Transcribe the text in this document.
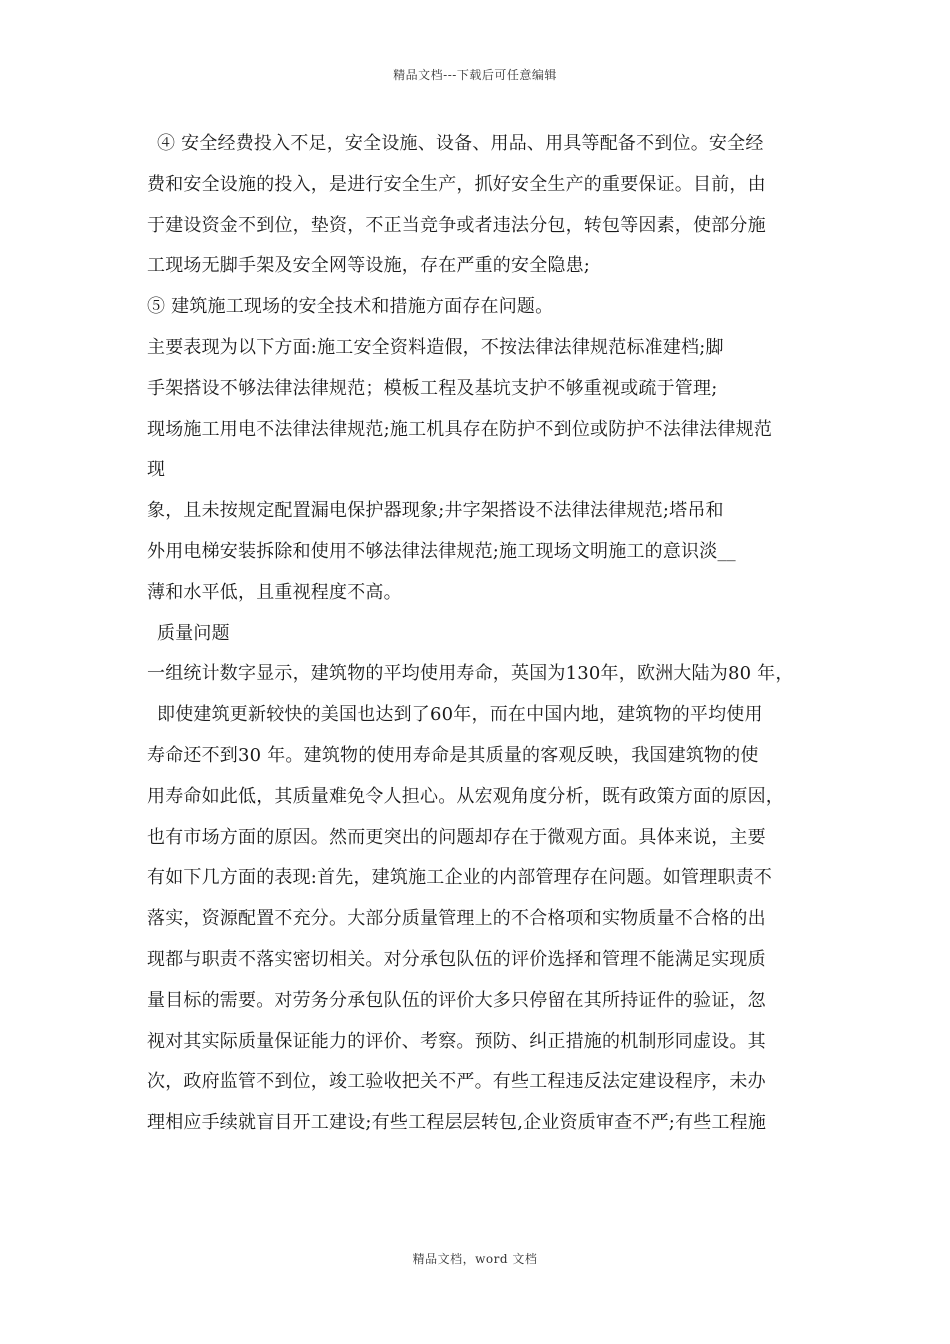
精品文档---下载后可任意编辑
④ 安全经费投入不足，安全设施、设备、用品、用具等配备不到位。安全经
费和安全设施的投入，是进行安全生产，抓好安全生产的重要保证。目前，由
于建设资金不到位，垫资，不正当竞争或者违法分包，转包等因素，使部分施
工现场无脚手架及安全网等设施，存在严重的安全隐患;
⑤ 建筑施工现场的安全技术和措施方面存在问题。
主要表现为以下方面:施工安全资料造假，不按法律法律规范标准建档;脚
手架搭设不够法律法律规范；模板工程及基坑支护不够重视或疏于管理;
现场施工用电不法律法律规范;施工机具存在防护不到位或防护不法律法律规范
现
象，且未按规定配置漏电保护器现象;井字架搭设不法律法律规范;塔吊和
外用电梯安装拆除和使用不够法律法律规范;施工现场文明施工的意识淡__
薄和水平低，且重视程度不高。
质量问题
一组统计数字显示，建筑物的平均使用寿命，英国为130年，欧洲大陆为80 年，
即使建筑更新较快的美国也达到了60年，而在中国内地，建筑物的平均使用
寿命还不到30 年。建筑物的使用寿命是其质量的客观反映，我国建筑物的使
用寿命如此低，其质量难免令人担心。从宏观角度分析，既有政策方面的原因，
也有市场方面的原因。然而更突出的问题却存在于微观方面。具体来说，主要
有如下几方面的表现:首先，建筑施工企业的内部管理存在问题。如管理职责不
落实，资源配置不充分。大部分质量管理上的不合格项和实物质量不合格的出
现都与职责不落实密切相关。对分承包队伍的评价选择和管理不能满足实现质
量目标的需要。对劳务分承包队伍的评价大多只停留在其所持证件的验证，忽
视对其实际质量保证能力的评价、考察。预防、纠正措施的机制形同虚设。其
次，政府监管不到位，竣工验收把关不严。有些工程违反法定建设程序，未办
理相应手续就盲目开工建设;有些工程层层转包,企业资质审查不严;有些工程施
精品文档，word 文档
